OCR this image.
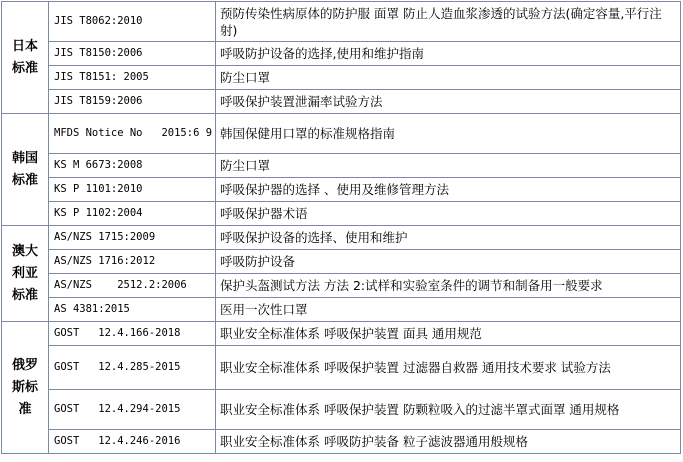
日本标准	JIS T8062:2010	预防传染性病原体的防护服 面罩 防止人造血浆渗透的试验方法(确定容量,平行注射)
	JIS T8150:2006	呼吸防护设备的选择,使用和维护指南
	JIS T8151: 2005	防尘口罩
	JIS T8159:2006	呼吸保护装置泄漏率试验方法
韩国标准	MFDS Notice No   2015:6 9	韩国保健用口罩的标准规格指南
	KS M 6673:2008	防尘口罩
	KS P 1101:2010	呼吸保护器的选择 、使用及维修管理方法
	KS P 1102:2004	呼吸保护器术语
澳大利亚标准	AS/NZS 1715:2009	呼吸保护设备的选择、使用和维护
	AS/NZS 1716:2012	呼吸防护设备
	AS/NZS    2512.2:2006	保护头盔测试方法 方法 2:试样和实验室条件的调节和制备用一般要求
	AS 4381:2015	医用一次性口罩
俄罗斯标准	GOST   12.4.166-2018	职业安全标准体系 呼吸保护装置 面具 通用规范
	GOST   12.4.285-2015	职业安全标准体系 呼吸保护装置 过滤器自救器 通用技术要求 试验方法
	GOST   12.4.294-2015	职业安全标准体系 呼吸保护装置 防颗粒吸入的过滤半罩式面罩 通用规格
	GOST   12.4.246-2016	职业安全标准体系 呼吸防护装备 粒子滤波器通用般规格
